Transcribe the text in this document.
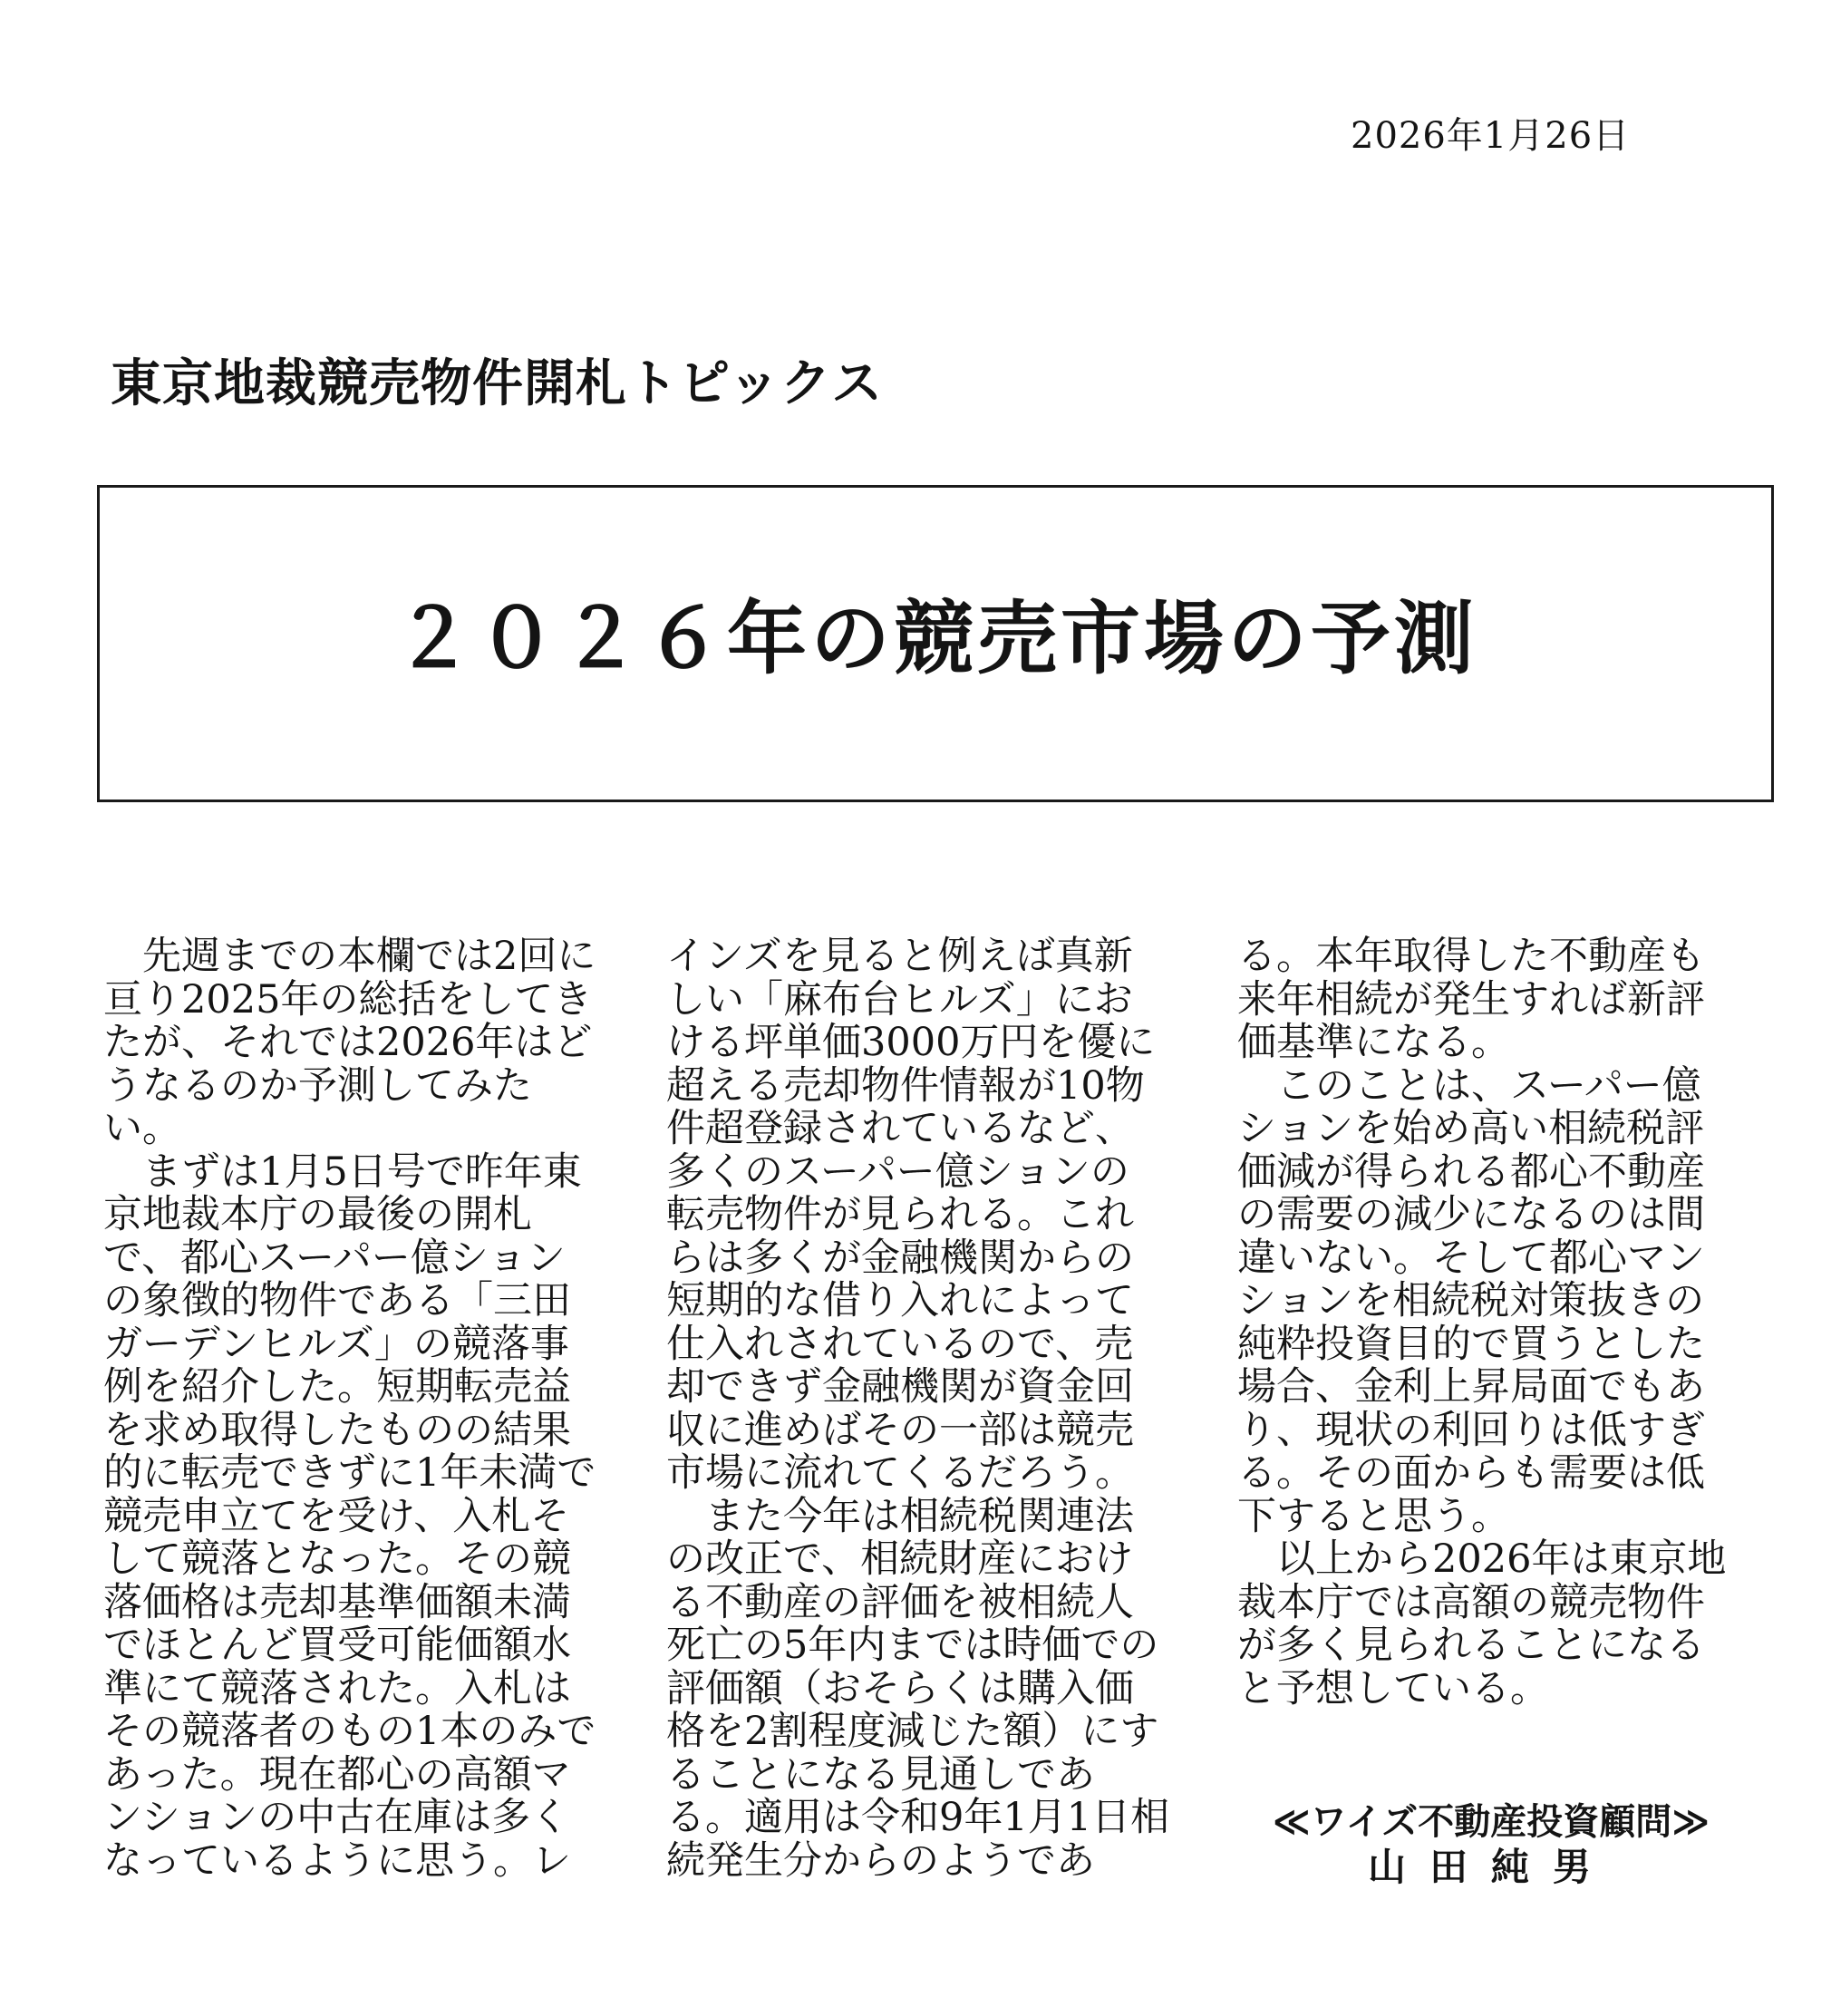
2026年1月26日
東京地裁競売物件開札トピックス
２０２６年の競売市場の予測
　先週までの本欄では2回に
亘り2025年の総括をしてき
たが、それでは2026年はど
うなるのか予測してみた
い。
　まずは1月5日号で昨年東
京地裁本庁の最後の開札
で、都心スーパー億ション
の象徴的物件である「三田
ガーデンヒルズ」の競落事
例を紹介した。短期転売益
を求め取得したものの結果
的に転売できずに1年未満で
競売申立てを受け、入札そ
して競落となった。その競
落価格は売却基準価額未満
でほとんど買受可能価額水
準にて競落された。入札は
その競落者のもの1本のみで
あった。現在都心の高額マ
ンションの中古在庫は多く
なっているように思う。レ
インズを見ると例えば真新
しい「麻布台ヒルズ」にお
ける坪単価3000万円を優に
超える売却物件情報が10物
件超登録されているなど、
多くのスーパー億ションの
転売物件が見られる。これ
らは多くが金融機関からの
短期的な借り入れによって
仕入れされているので、売
却できず金融機関が資金回
収に進めばその一部は競売
市場に流れてくるだろう。
　また今年は相続税関連法
の改正で、相続財産におけ
る不動産の評価を被相続人
死亡の5年内までは時価での
評価額（おそらくは購入価
格を2割程度減じた額）にす
ることになる見通しであ
る。適用は令和9年1月1日相
続発生分からのようであ
る。本年取得した不動産も
来年相続が発生すれば新評
価基準になる。
　このことは、スーパー億
ションを始め高い相続税評
価減が得られる都心不動産
の需要の減少になるのは間
違いない。そして都心マン
ションを相続税対策抜きの
純粋投資目的で買うとした
場合、金利上昇局面でもあ
り、現状の利回りは低すぎ
る。その面からも需要は低
下すると思う。
　以上から2026年は東京地
裁本庁では高額の競売物件
が多く見られることになる
と予想している。
≪ワイズ不動産投資顧問≫
山田純男
